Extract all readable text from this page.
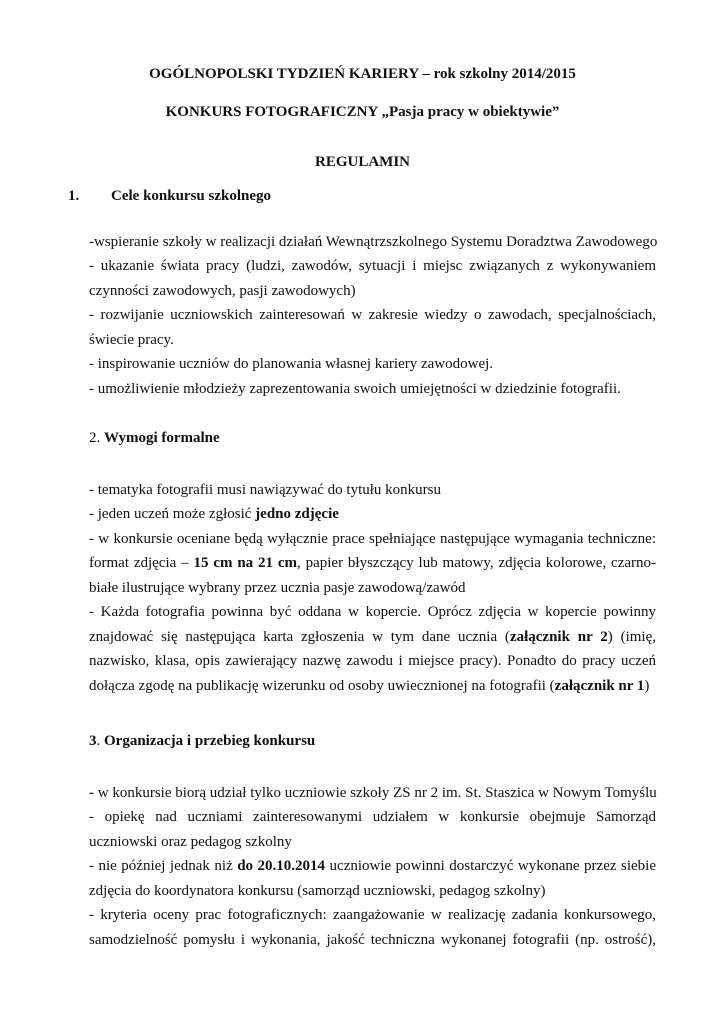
OGÓLNOPOLSKI TYDZIEŃ KARIERY – rok szkolny 2014/2015
KONKURS FOTOGRAFICZNY „Pasja pracy w obiektywie”
REGULAMIN
1. Cele konkursu szkolnego
-wspieranie szkoły w realizacji działań Wewnątrzszkolnego Systemu Doradztwa Zawodowego
- ukazanie świata pracy (ludzi, zawodów, sytuacji i miejsc związanych z wykonywaniem
czynności zawodowych, pasji zawodowych)
- rozwijanie uczniowskich zainteresowań w zakresie wiedzy o zawodach, specjalnościach,
świecie pracy.
- inspirowanie uczniów do planowania własnej kariery zawodowej.
- umożliwienie młodzieży zaprezentowania swoich umiejętności w dziedzinie fotografii.
2. Wymogi formalne
- tematyka fotografii musi nawiązywać do tytułu konkursu
- jeden uczeń może zgłosić jedno zdjęcie
- w konkursie oceniane będą wyłącznie prace spełniające następujące wymagania techniczne:
format zdjęcia – 15 cm na 21 cm, papier błyszczący lub matowy, zdjęcia kolorowe, czarno-
białe ilustrujące wybrany przez ucznia pasje zawodową/zawód
- Każda fotografia powinna być oddana w kopercie. Oprócz zdjęcia w kopercie powinny
znajdować się następująca karta zgłoszenia w tym dane ucznia (załącznik nr 2) (imię,
nazwisko, klasa, opis zawierający nazwę zawodu i miejsce pracy). Ponadto do pracy uczeń
dołącza zgodę na publikację wizerunku od osoby uwiecznionej na fotografii (załącznik nr 1)
3. Organizacja i przebieg konkursu
- w konkursie biorą udział tylko uczniowie szkoły ZS nr 2 im. St. Staszica w Nowym Tomyślu
- opiekę nad uczniami zainteresowanymi udziałem w konkursie obejmuje Samorząd
uczniowski oraz pedagog szkolny
- nie później jednak niż do 20.10.2014 uczniowie powinni dostarczyć wykonane przez siebie
zdjęcia do koordynatora konkursu (samorząd uczniowski, pedagog szkolny)
- kryteria oceny prac fotograficznych: zaangażowanie w realizację zadania konkursowego,
samodzielność pomysłu i wykonania, jakość techniczna wykonanej fotografii (np. ostrość),
